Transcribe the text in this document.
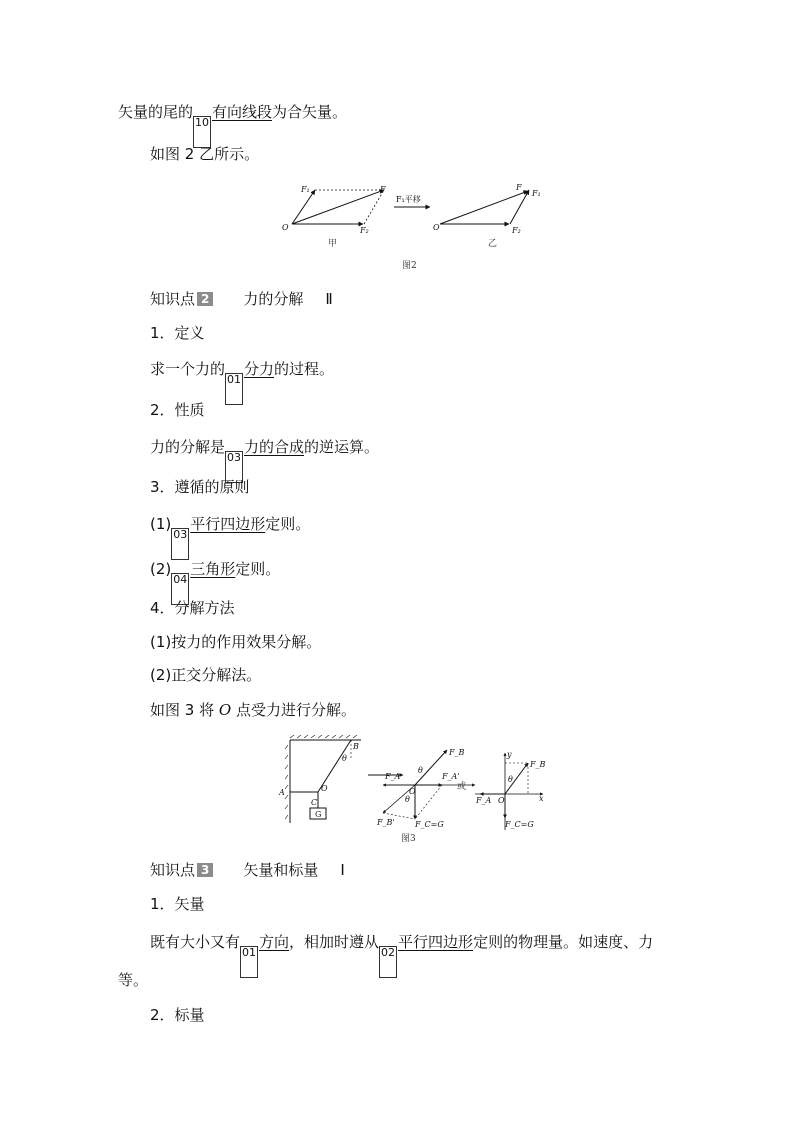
矢量的尾的10有向线段为合矢量。
如图 2 乙所示。
O
F₁	F
F₂
甲
F₁平移
O
F
F₁
F₂
乙
图2
知识点 2 力的分解 Ⅱ
1．定义
求一个力的01分力的过程。
2．性质
力的分解是03力的合成的逆运算。
3．遵循的原则
(1)03平行四边形定则。
(2)04三角形定则。
4．分解方法
(1)按力的作用效果分解。
(2)正交分解法。
如图 3 将 O 点受力进行分解。
G
A
B
θ
O
C
F_B
F_A	F_A'
F_B'	F_C=G
θ
θ
O	或
y
x
F_B
F_A O
θ
F_C=G
图3
知识点 3 矢量和标量 Ⅰ
1．矢量
既有大小又有01方向，相加时遵从02平行四边形定则的物理量。如速度、力
等。
2．标量
